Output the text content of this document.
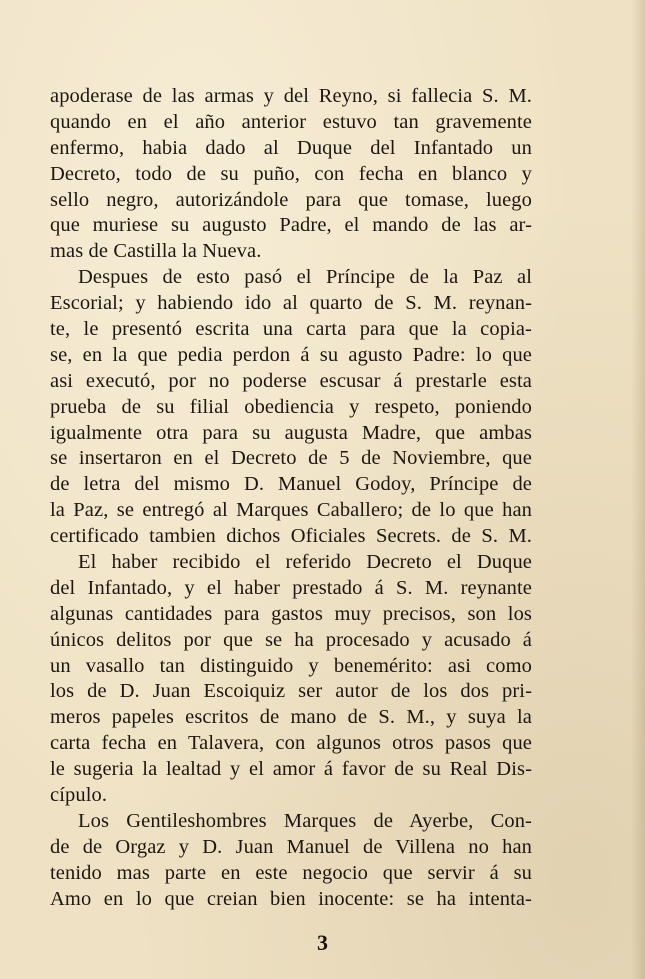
apoderase de las armas y del Reyno, si fallecia S. M.
quando en el año anterior estuvo tan gravemente
enfermo, habia dado al Duque del Infantado un
Decreto, todo de su puño, con fecha en blanco y
sello negro, autorizándole para que tomase, luego
que muriese su augusto Padre, el mando de las ar-
mas de Castilla la Nueva.
Despues de esto pasó el Príncipe de la Paz al
Escorial; y habiendo ido al quarto de S. M. reynan-
te, le presentó escrita una carta para que la copia-
se, en la que pedia perdon á su agusto Padre: lo que
asi executó, por no poderse escusar á prestarle esta
prueba de su filial obediencia y respeto, poniendo
igualmente otra para su augusta Madre, que ambas
se insertaron en el Decreto de 5 de Noviembre, que
de letra del mismo D. Manuel Godoy, Príncipe de
la Paz, se entregó al Marques Caballero; de lo que han
certificado tambien dichos Oficiales Secrets. de S. M.
El haber recibido el referido Decreto el Duque
del Infantado, y el haber prestado á S. M. reynante
algunas cantidades para gastos muy precisos, son los
únicos delitos por que se ha procesado y acusado á
un vasallo tan distinguido y benemérito: asi como
los de D. Juan Escoiquiz ser autor de los dos pri-
meros papeles escritos de mano de S. M., y suya la
carta fecha en Talavera, con algunos otros pasos que
le sugeria la lealtad y el amor á favor de su Real Dis-
cípulo.
Los Gentileshombres Marques de Ayerbe, Con-
de de Orgaz y D. Juan Manuel de Villena no han
tenido mas parte en este negocio que servir á su
Amo en lo que creian bien inocente: se ha intenta-
3
